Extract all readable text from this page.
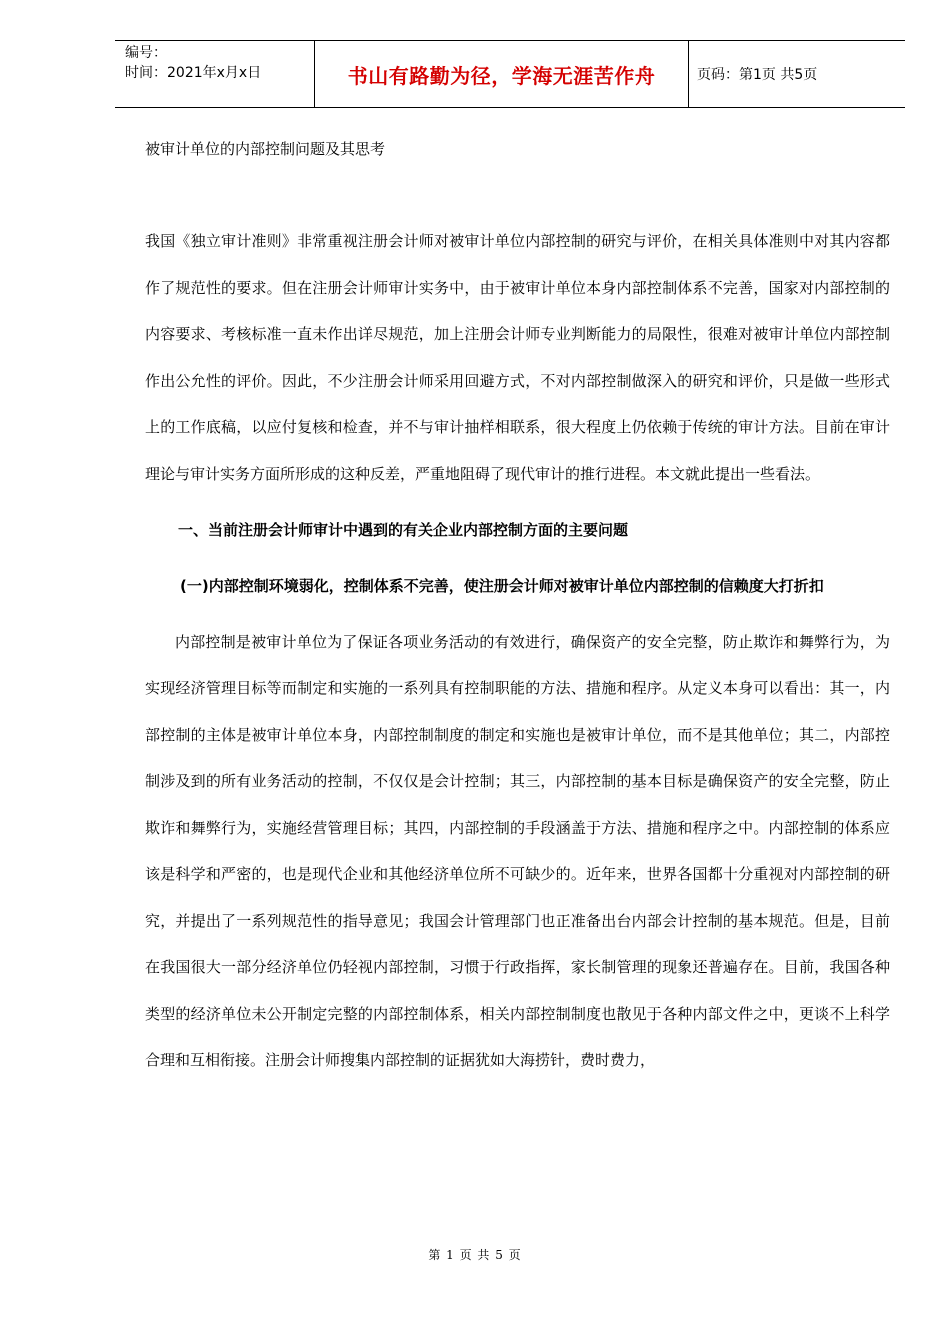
编号：
时间：2021年x月x日	书山有路勤为径，学海无涯苦作舟	页码：第1页 共5页
被审计单位的内部控制问题及其思考

我国《独立审计准则》非常重视注册会计师对被审计单位内部控制的研究与评价，在相关具体准则中对其内容都作了规范性的要求。但在注册会计师审计实务中，由于被审计单位本身内部控制体系不完善，国家对内部控制的内容要求、考核标准一直未作出详尽规范，加上注册会计师专业判断能力的局限性，很难对被审计单位内部控制作出公允性的评价。因此，不少注册会计师采用回避方式，不对内部控制做深入的研究和评价，只是做一些形式上的工作底稿，以应付复核和检查，并不与审计抽样相联系，很大程度上仍依赖于传统的审计方法。目前在审计理论与审计实务方面所形成的这种反差，严重地阻碍了现代审计的推行进程。本文就此提出一些看法。

一、当前注册会计师审计中遇到的有关企业内部控制方面的主要问题

(一)内部控制环境弱化，控制体系不完善，使注册会计师对被审计单位内部控制的信赖度大打折扣

内部控制是被审计单位为了保证各项业务活动的有效进行，确保资产的安全完整，防止欺诈和舞弊行为，为实现经济管理目标等而制定和实施的一系列具有控制职能的方法、措施和程序。从定义本身可以看出：其一，内部控制的主体是被审计单位本身，内部控制制度的制定和实施也是被审计单位，而不是其他单位；其二，内部控制涉及到的所有业务活动的控制，不仅仅是会计控制；其三，内部控制的基本目标是确保资产的安全完整，防止欺诈和舞弊行为，实施经营管理目标；其四，内部控制的手段涵盖于方法、措施和程序之中。内部控制的体系应该是科学和严密的，也是现代企业和其他经济单位所不可缺少的。近年来，世界各国都十分重视对内部控制的研究，并提出了一系列规范性的指导意见；我国会计管理部门也正准备出台内部会计控制的基本规范。但是，目前在我国很大一部分经济单位仍轻视内部控制，习惯于行政指挥，家长制管理的现象还普遍存在。目前，我国各种类型的经济单位未公开制定完整的内部控制体系，相关内部控制制度也散见于各种内部文件之中，更谈不上科学合理和互相衔接。注册会计师搜集内部控制的证据犹如大海捞针，费时费力，

第 1 页 共 5 页
